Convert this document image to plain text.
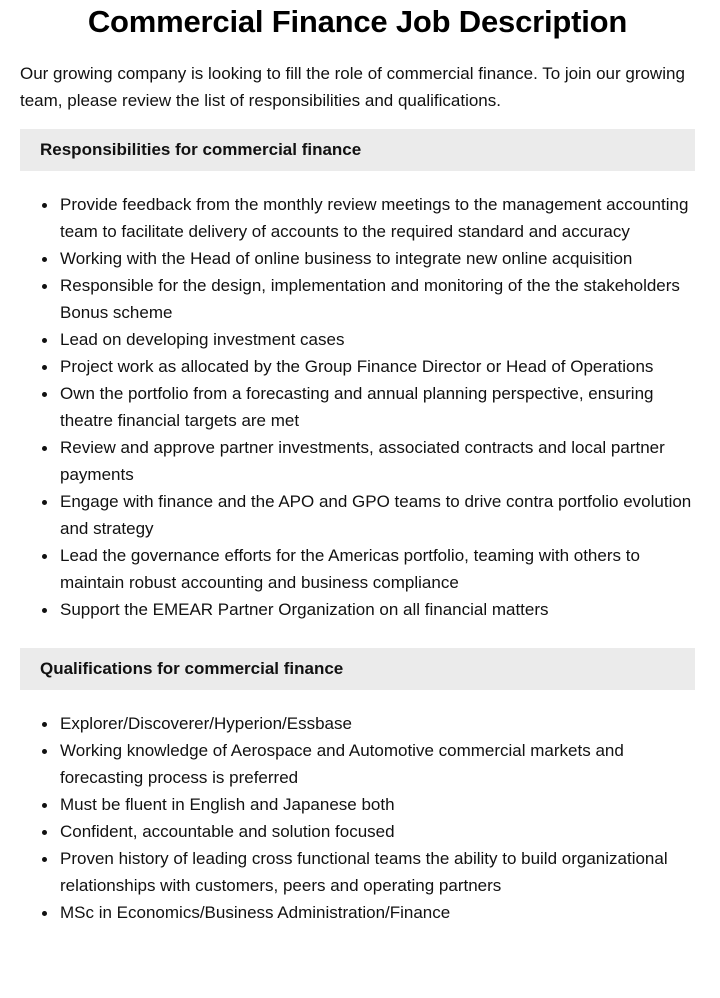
Commercial Finance Job Description

Our growing company is looking to fill the role of commercial finance. To join our growing team, please review the list of responsibilities and qualifications.

Responsibilities for commercial finance
Provide feedback from the monthly review meetings to the management accounting team to facilitate delivery of accounts to the required standard and accuracy
Working with the Head of online business to integrate new online acquisition
Responsible for the design, implementation and monitoring of the the stakeholders Bonus scheme
Lead on developing investment cases
Project work as allocated by the Group Finance Director or Head of Operations
Own the portfolio from a forecasting and annual planning perspective, ensuring theatre financial targets are met
Review and approve partner investments, associated contracts and local partner payments
Engage with finance and the APO and GPO teams to drive contra portfolio evolution and strategy
Lead the governance efforts for the Americas portfolio, teaming with others to maintain robust accounting and business compliance
Support the EMEAR Partner Organization on all financial matters
Qualifications for commercial finance
Explorer/Discoverer/Hyperion/Essbase
Working knowledge of Aerospace and Automotive commercial markets and forecasting process is preferred
Must be fluent in English and Japanese both
Confident, accountable and solution focused
Proven history of leading cross functional teams the ability to build organizational relationships with customers, peers and operating partners
MSc in Economics/Business Administration/Finance
